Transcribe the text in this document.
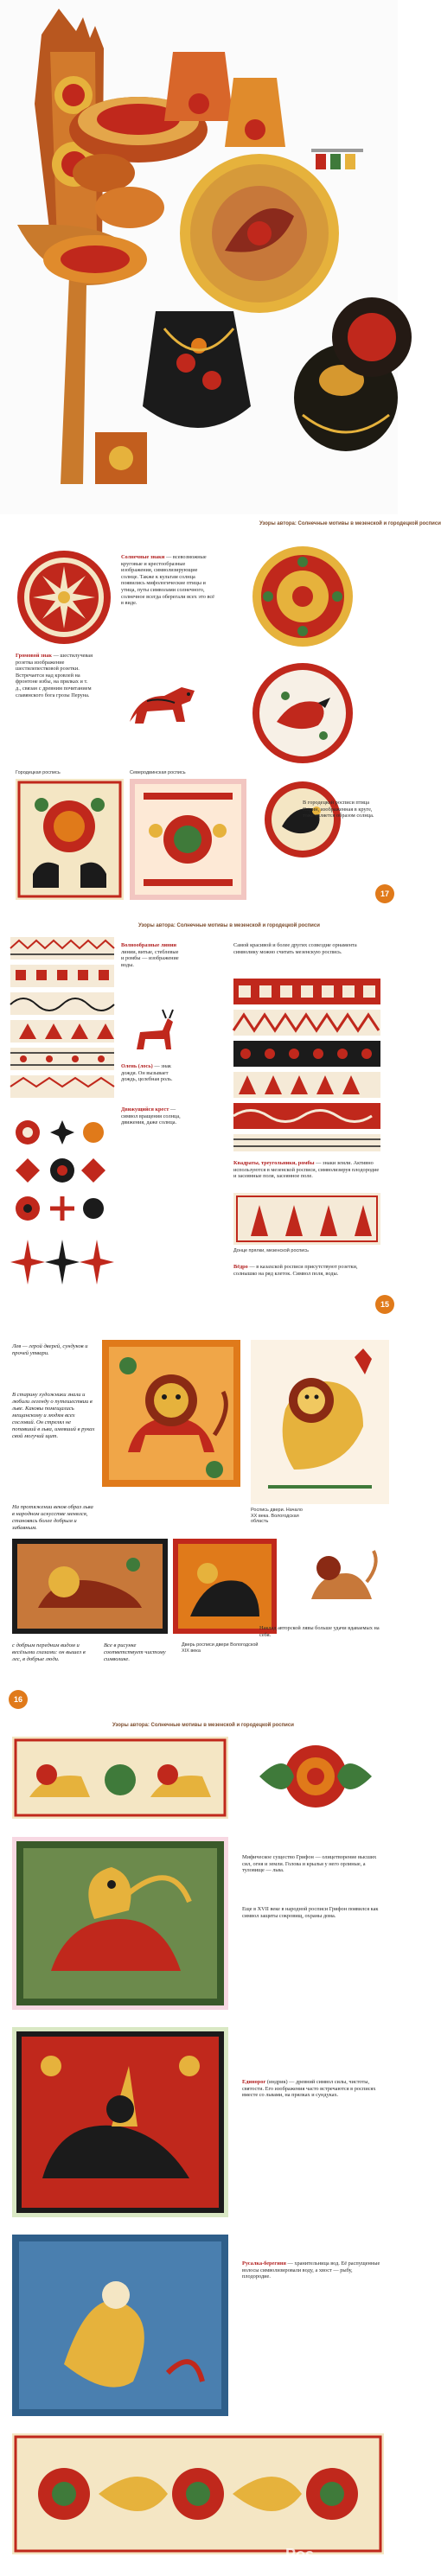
Узоры автора: Солнечные мотивы в мезенской и городецкой росписи
17
Солнечные знаки — всевозможные круговые и крестообразные изображения, символизирующие солнце. Также к культам солнца появились мифологические птицы и утица, путы символами солнечного, солнечное всегда оберегали всех это всё в виде.
Громовой знак — шестилучевая розетка изображение шестилепестковой розетки. Встречается над кровлей на фронтоне избы, на прялках и т. д., связан с древним почитанием славянского бога грозы Перуна.
Городецкая роспись	Северодвинская роспись
В городецкой росписи птица Сирин, изображенная в круге, тоже является образом солнца.
Узоры автора: Солнечные мотивы в мезенской и городецкой росписи
15
Волнообразные линии линии, витые, стеблевые и ромбы — изображение воды.
Олень (лось) — знак дождя. Он вызывает дождь, целебная роль.
Движущийся крест — символ вращения солнца, движения, даже солнца.
Самой красивой и более других созвездие орнамента символику можно считать мезенскую роспись.
Квадраты, треугольники, ромбы — знаки земли. Активно используются в мезенской росписи, символизируя плодородие и засеянные поля, засеянное поле.
Донце прялки, мезенской роспись
Вёдро — в казахской росписи присутствуют розетки, солнышко на ряд клеток. Символ поля, воды.
16
Лев — герой дверей, сундуков и прочей утвари.
В старину художники знали и любили легенду о путешествии в льве. Каковы помещались мещанскому и людям всех сословий. Он стрелял не попавший в льва, имевший в руках свой могучий щит.
На протяжении веков образ льва в народном искусстве менялся, становясь более добрым и забавным.
Роспись двери. Начало XX века. Вологодская область
с добрым передним видом и весёлыми глазами: он вышел в лес, в добрые люди.
Все в рисунке соответствует чистому символике.
Дверь росписи двери Вологодской XIX века
Наклад авторской лявы больше удачи вдаваемых на себя.
Узоры автора: Солнечные мотивы в мезенской и городецкой росписи
Мифическое существо Грифон — олицетворение высших сил, огня и земли. Голова и крылья у него орлиные, а туловище — льва.
Еще в XVII веке в народной росписи Грифон появился как символ защиты сокровищ, охраны дома.
Единорог (индрик) — древний символ силы, чистоты, святости. Его изображения часто встречаются в росписях вместе со львами, на прялках и сундуках.
Русалка-берегиня — хранительница вод. Её распущенные волосы символизировали воду, а хвост — рыбу, плодородие.
Pos
